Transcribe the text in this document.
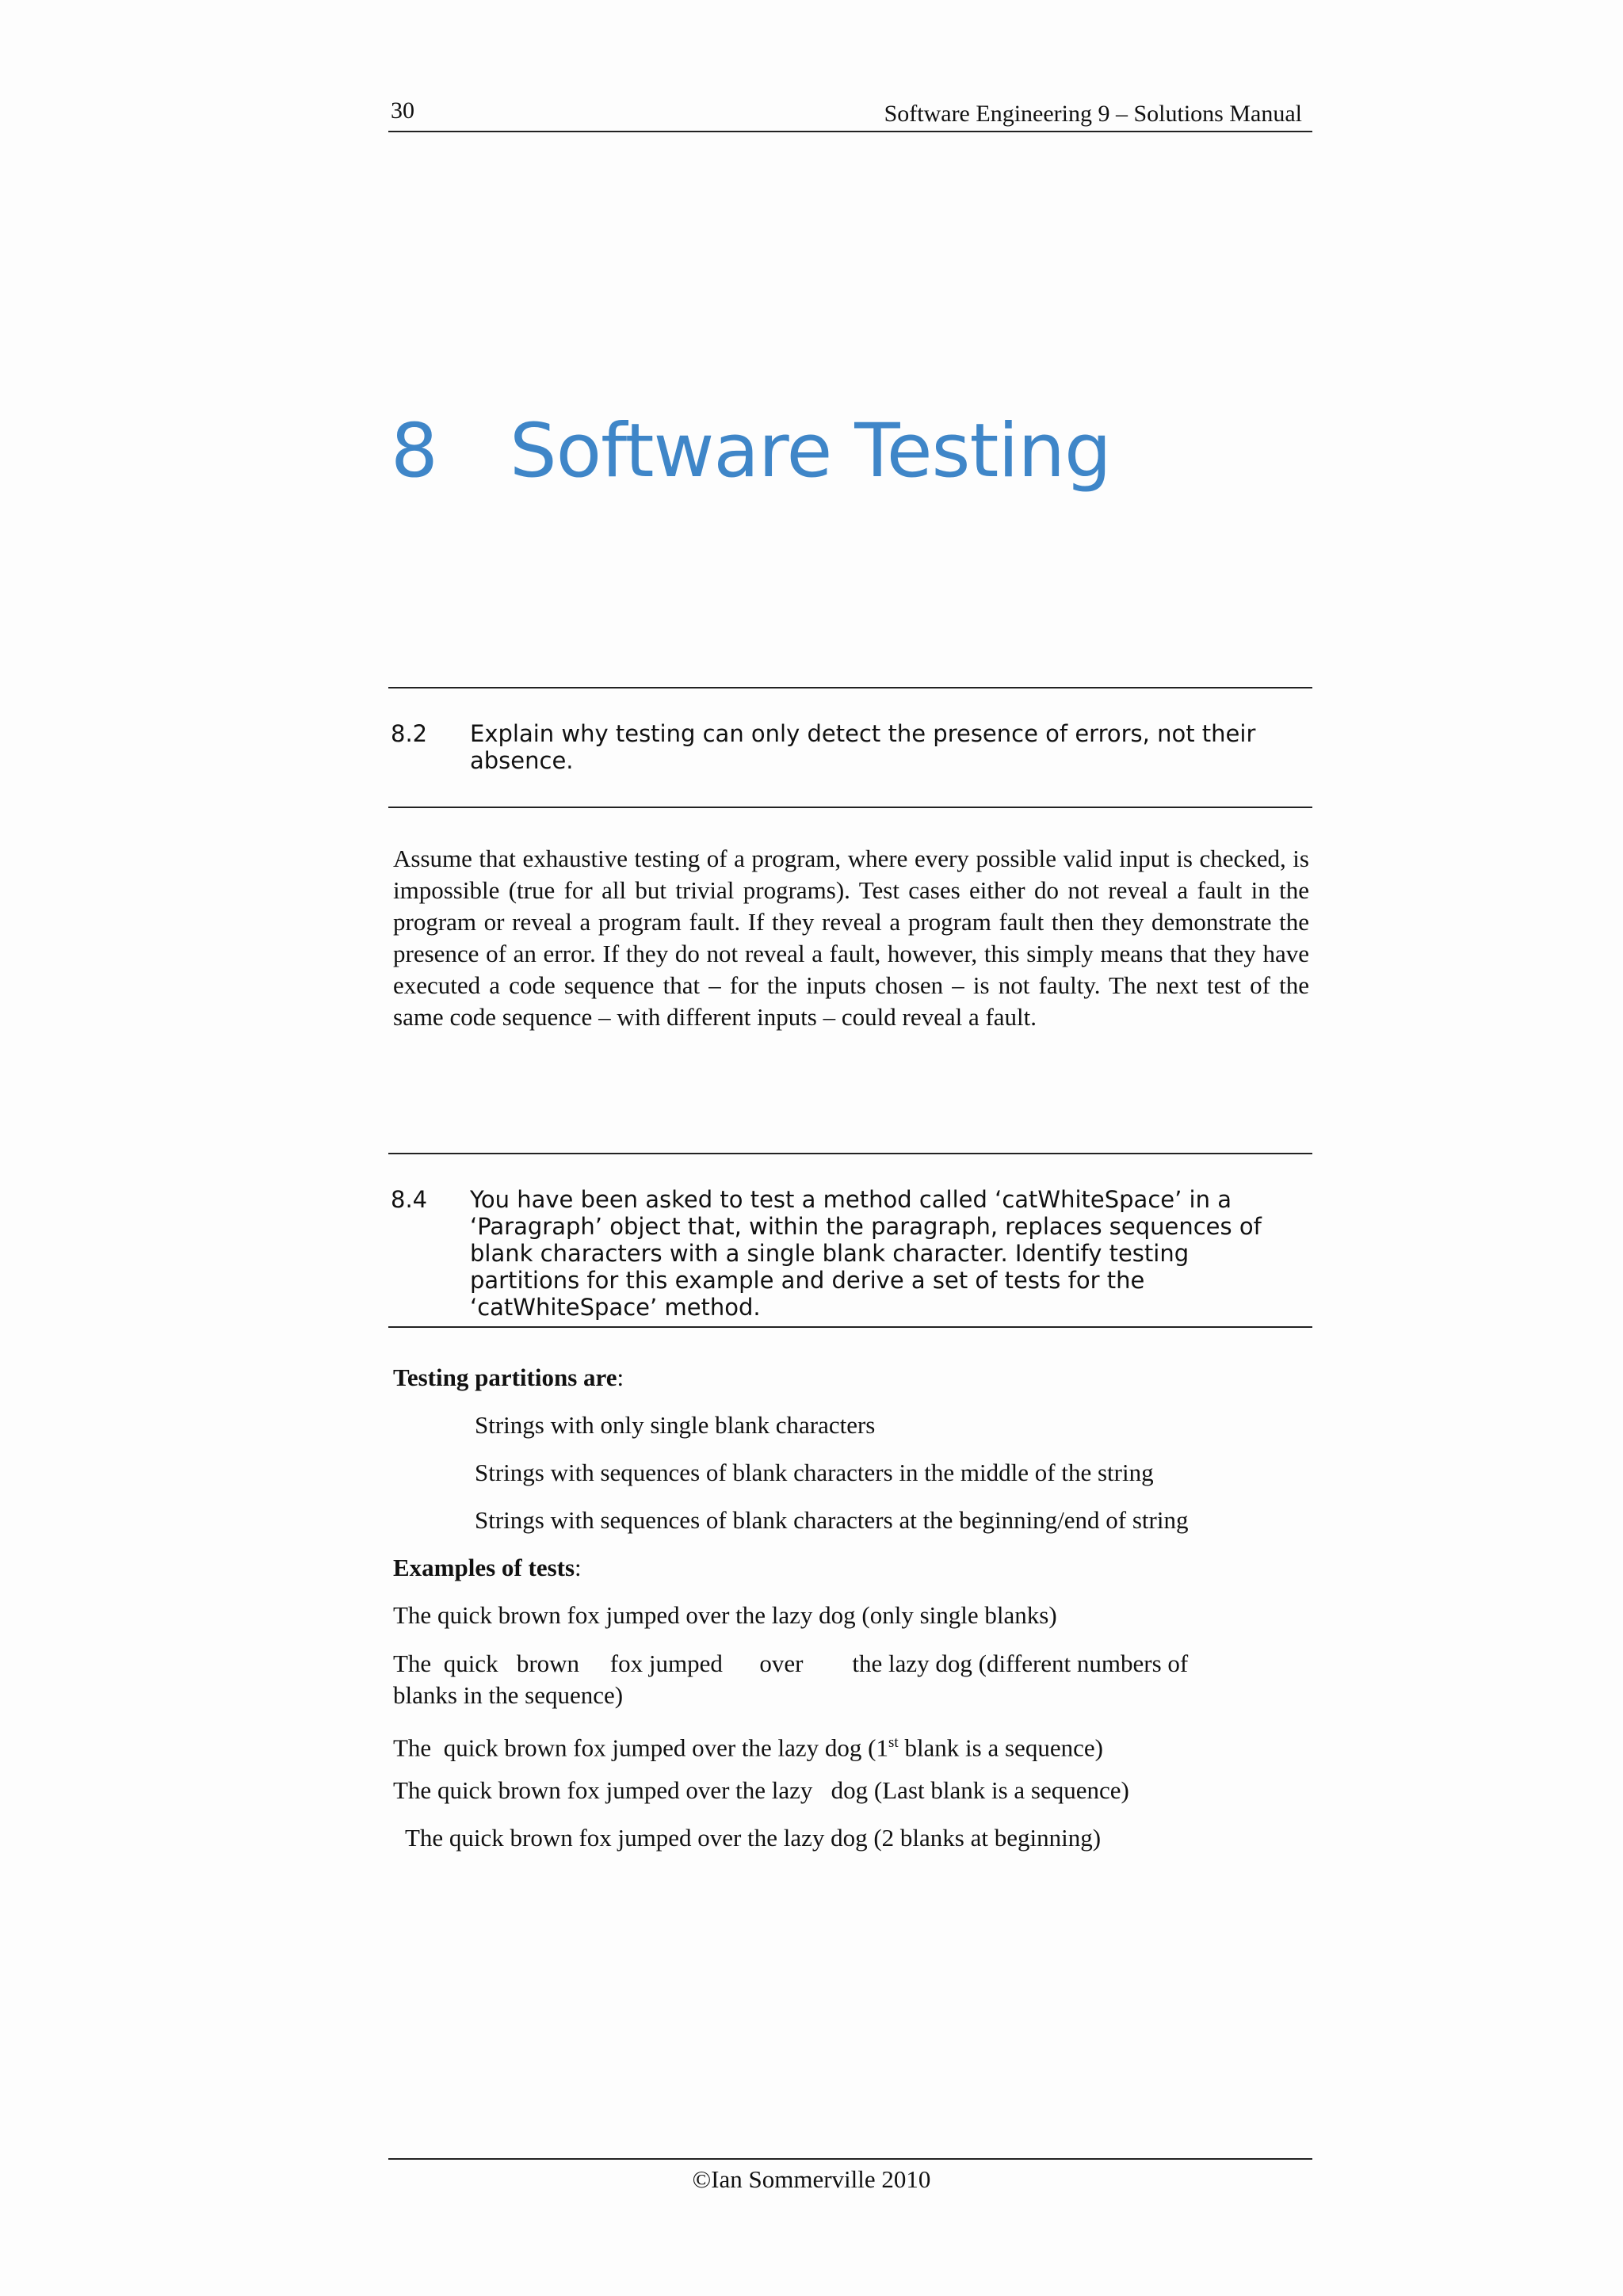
30	Software Engineering 9 – Solutions Manual
8 Software Testing
8.2	Explain why testing can only detect the presence of errors, not their absence.
Assume that exhaustive testing of a program, where every possible valid input is checked, is impossible (true for all but trivial programs). Test cases either do not reveal a fault in the program or reveal a program fault. If they reveal a program fault then they demonstrate the presence of an error. If they do not reveal a fault, however, this simply means that they have executed a code sequence that – for the inputs chosen – is not faulty. The next test of the same code sequence – with different inputs – could reveal a fault.
8.4	You have been asked to test a method called ‘catWhiteSpace’ in a ‘Paragraph’ object that, within the paragraph, replaces sequences of blank characters with a single blank character. Identify testing partitions for this example and derive a set of tests for the ‘catWhiteSpace’ method.
Testing partitions are:
Strings with only single blank characters
Strings with sequences of blank characters in the middle of the string
Strings with sequences of blank characters at the beginning/end of string
Examples of tests:
The quick brown fox jumped over the lazy dog (only single blanks)
The  quick   brown     fox jumped      over        the lazy dog (different numbers of
blanks in the sequence)
The  quick brown fox jumped over the lazy dog (1st blank is a sequence)
The quick brown fox jumped over the lazy   dog (Last blank is a sequence)
The quick brown fox jumped over the lazy dog (2 blanks at beginning)
©Ian Sommerville 2010
